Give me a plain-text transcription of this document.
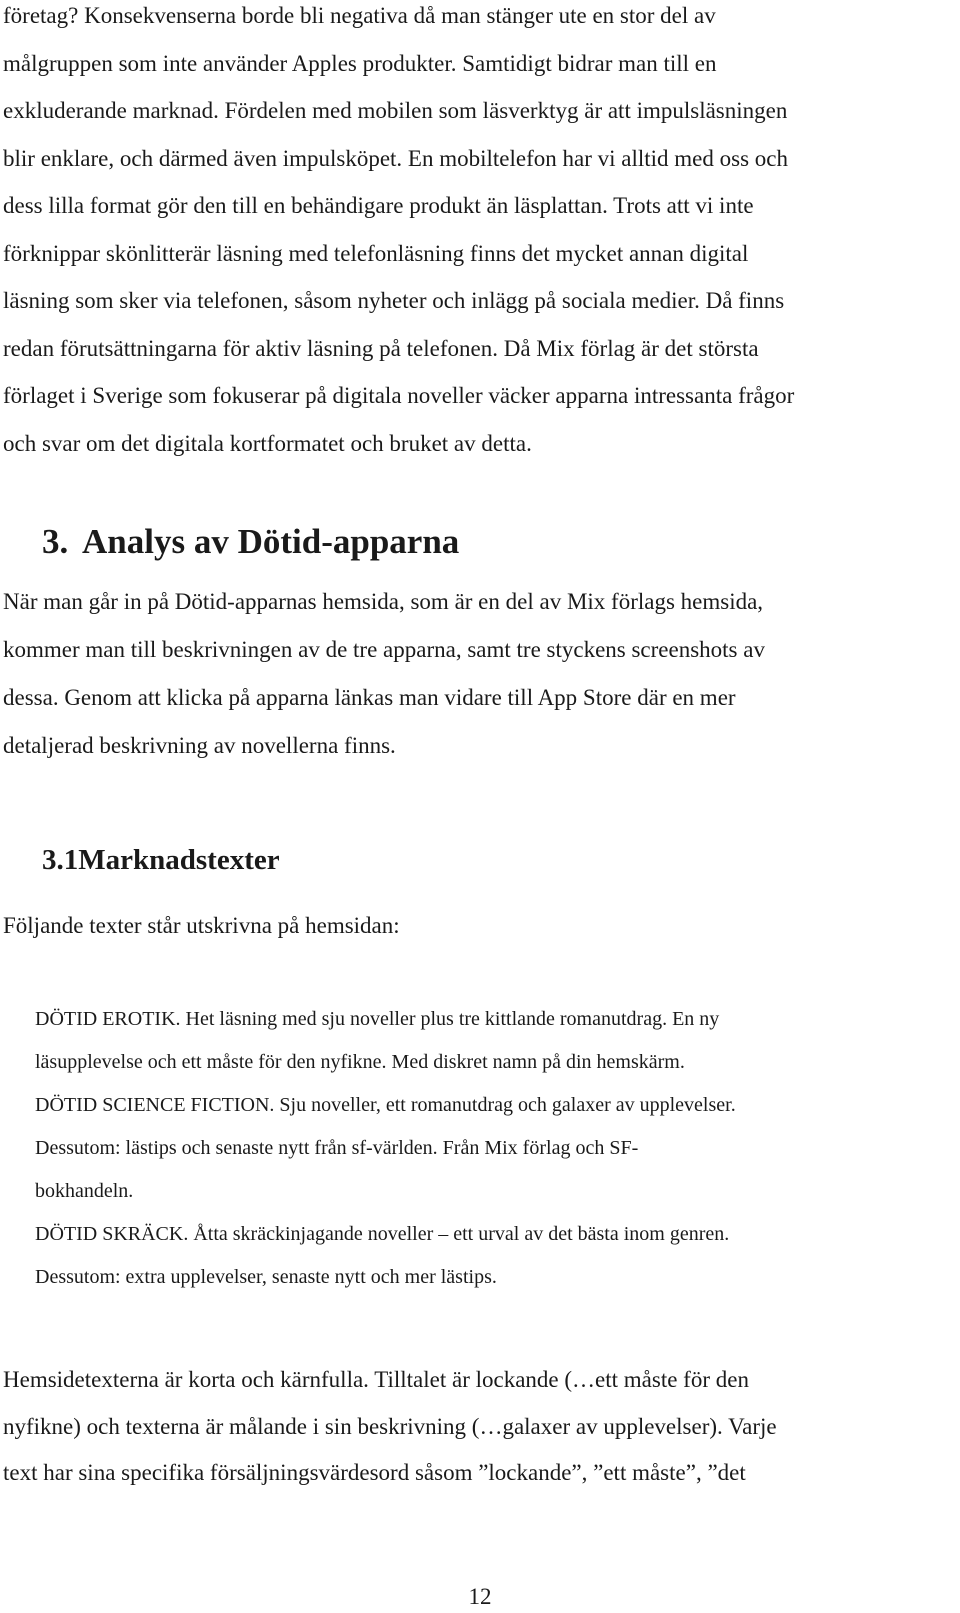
företag? Konsekvenserna borde bli negativa då man stänger ute en stor del av
målgruppen som inte använder Apples produkter. Samtidigt bidrar man till en
exkluderande marknad. Fördelen med mobilen som läsverktyg är att impulsläsningen
blir enklare, och därmed även impulsköpet. En mobiltelefon har vi alltid med oss och
dess lilla format gör den till en behändigare produkt än läsplattan. Trots att vi inte
förknippar skönlitterär läsning med telefonläsning finns det mycket annan digital
läsning som sker via telefonen, såsom nyheter och inlägg på sociala medier. Då finns
redan förutsättningarna för aktiv läsning på telefonen. Då Mix förlag är det största
förlaget i Sverige som fokuserar på digitala noveller väcker apparna intressanta frågor
och svar om det digitala kortformatet och bruket av detta.

3. Analys av Dötid-apparna

När man går in på Dötid-apparnas hemsida, som är en del av Mix förlags hemsida,
kommer man till beskrivningen av de tre apparna, samt tre styckens screenshots av
dessa. Genom att klicka på apparna länkas man vidare till App Store där en mer
detaljerad beskrivning av novellerna finns.

3.1Marknadstexter

Följande texter står utskrivna på hemsidan:

DÖTID EROTIK. Het läsning med sju noveller plus tre kittlande romanutdrag. En ny
läsupplevelse och ett måste för den nyfikne. Med diskret namn på din hemskärm.
DÖTID SCIENCE FICTION. Sju noveller, ett romanutdrag och galaxer av upplevelser.
Dessutom: lästips och senaste nytt från sf-världen. Från Mix förlag och SF-
bokhandeln.
DÖTID SKRÄCK. Åtta skräckinjagande noveller – ett urval av det bästa inom genren.
Dessutom: extra upplevelser, senaste nytt och mer lästips.

Hemsidetexterna är korta och kärnfulla. Tilltalet är lockande (…ett måste för den
nyfikne) och texterna är målande i sin beskrivning (…galaxer av upplevelser). Varje
text har sina specifika försäljningsvärdesord såsom ”lockande”, ”ett måste”, ”det

12
